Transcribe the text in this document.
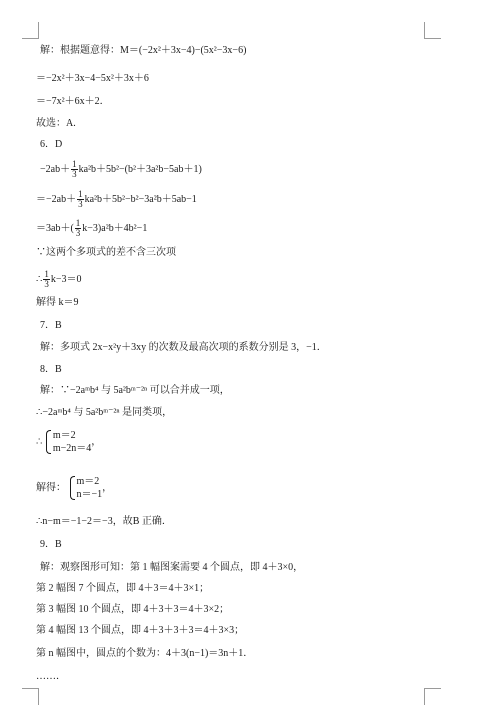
解：根据题意得：M＝(−2x²＋3x−4)−(5x²−3x−6)
＝−2x²＋3x−4−5x²＋3x＋6
＝−7x²＋6x＋2．
故选：A.
6．D
$-2ab+ \frac{1}{3} kа^2b+5b^2-(b^2+3a^2b-5ab+1)$
$=-2ab+ \frac{1}{3} ka^2b+5b^2-b^2-3a^2b+5ab-1$
$=3ab+( \frac{1}{3} k-3)a^2b+4b^2-1$
∵这两个多项式的差不含三次项
∴ $\frac{1}{3} k-3=0$
解得 k＝9
7．B
解：多项式 2x−x²y＋3xy 的次数及最高次项的系数分别是 3，−1．
8．B
解：∵−2aᵐb⁴ 与 5a²bᵐ⁻²ⁿ 可以合并成一项，
∴−2aᵐb⁴ 与 5a²bᵐ⁻²ⁿ 是同类项，
∴
m＝2
m−2n＝4
，
解得：
m＝2
n＝−1
，
∴n−m＝−1−2＝−3，故B 正确．
9．B
解：观察图形可知：第 1 幅图案需要 4 个圆点，即 4＋3×0，
第 2 幅图 7 个圆点，即 4＋3＝4＋3×1；
第 3 幅图 10 个圆点，即 4＋3＋3＝4＋3×2；
第 4 幅图 13 个圆点，即 4＋3＋3＋3＝4＋3×3；
第 n 幅图中，圆点的个数为：4＋3(n−1)＝3n＋1．
……．
